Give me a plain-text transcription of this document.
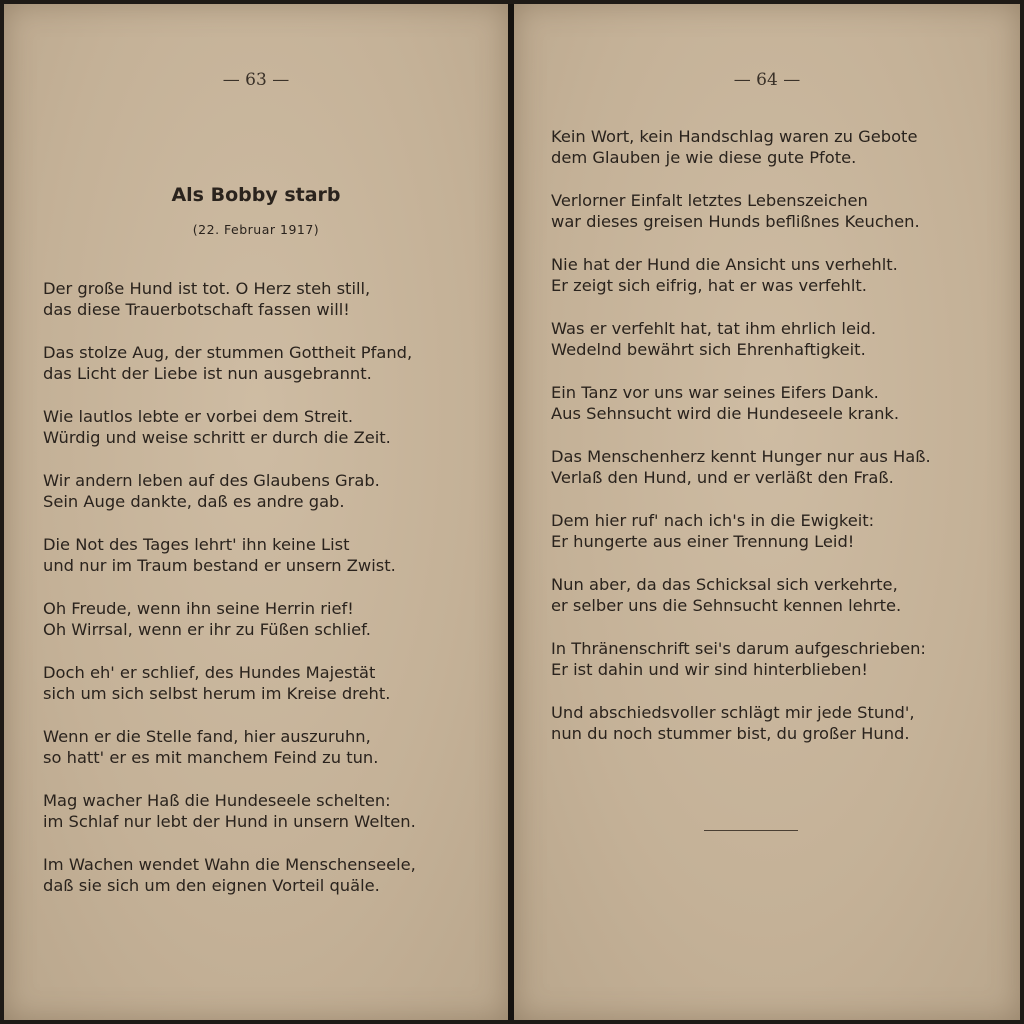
— 63 —
Als Bobby starb
(22. Februar 1917)
Der große Hund ist tot. O Herz steh still,
das diese Trauerbotschaft fassen will!
Das stolze Aug, der stummen Gottheit Pfand,
das Licht der Liebe ist nun ausgebrannt.
Wie lautlos lebte er vorbei dem Streit.
Würdig und weise schritt er durch die Zeit.
Wir andern leben auf des Glaubens Grab.
Sein Auge dankte, daß es andre gab.
Die Not des Tages lehrt' ihn keine List
und nur im Traum bestand er unsern Zwist.
Oh Freude, wenn ihn seine Herrin rief!
Oh Wirrsal, wenn er ihr zu Füßen schlief.
Doch eh' er schlief, des Hundes Majestät
sich um sich selbst herum im Kreise dreht.
Wenn er die Stelle fand, hier auszuruhn,
so hatt' er es mit manchem Feind zu tun.
Mag wacher Haß die Hundeseele schelten:
im Schlaf nur lebt der Hund in unsern Welten.
Im Wachen wendet Wahn die Menschenseele,
daß sie sich um den eignen Vorteil quäle.
— 64 —
Kein Wort, kein Handschlag waren zu Gebote
dem Glauben je wie diese gute Pfote.
Verlorner Einfalt letztes Lebenszeichen
war dieses greisen Hunds beflißnes Keuchen.
Nie hat der Hund die Ansicht uns verhehlt.
Er zeigt sich eifrig, hat er was verfehlt.
Was er verfehlt hat, tat ihm ehrlich leid.
Wedelnd bewährt sich Ehrenhaftigkeit.
Ein Tanz vor uns war seines Eifers Dank.
Aus Sehnsucht wird die Hundeseele krank.
Das Menschenherz kennt Hunger nur aus Haß.
Verlaß den Hund, und er verläßt den Fraß.
Dem hier ruf' nach ich's in die Ewigkeit:
Er hungerte aus einer Trennung Leid!
Nun aber, da das Schicksal sich verkehrte,
er selber uns die Sehnsucht kennen lehrte.
In Thränenschrift sei's darum aufgeschrieben:
Er ist dahin und wir sind hinterblieben!
Und abschiedsvoller schlägt mir jede Stund',
nun du noch stummer bist, du großer Hund.
